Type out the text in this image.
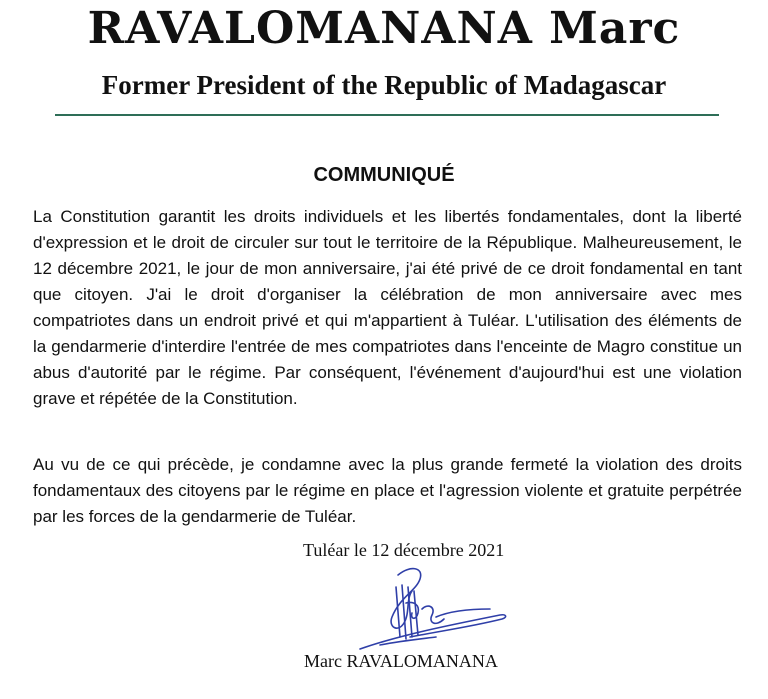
RAVALOMANANA Marc
Former President of the Republic of Madagascar
COMMUNIQUÉ
La Constitution garantit les droits individuels et les libertés fondamentales, dont la liberté d'expression et le droit de circuler sur tout le territoire de la République. Malheureusement, le 12 décembre 2021, le jour de mon anniversaire, j'ai été privé de ce droit fondamental en tant que citoyen. J'ai le droit d'organiser la célébration de mon anniversaire avec mes compatriotes dans un endroit privé et qui m'appartient à Tuléar. L'utilisation des éléments de la gendarmerie d'interdire l'entrée de mes compatriotes dans l'enceinte de Magro constitue un abus d'autorité par le régime. Par conséquent, l'événement d'aujourd'hui est une violation grave et répétée de la Constitution.
Au vu de ce qui précède, je condamne avec la plus grande fermeté la violation des droits fondamentaux des citoyens par le régime en place et l'agression violente et gratuite perpétrée par les forces de la gendarmerie de Tuléar.
Tuléar le 12 décembre 2021
Marc RAVALOMANANA
